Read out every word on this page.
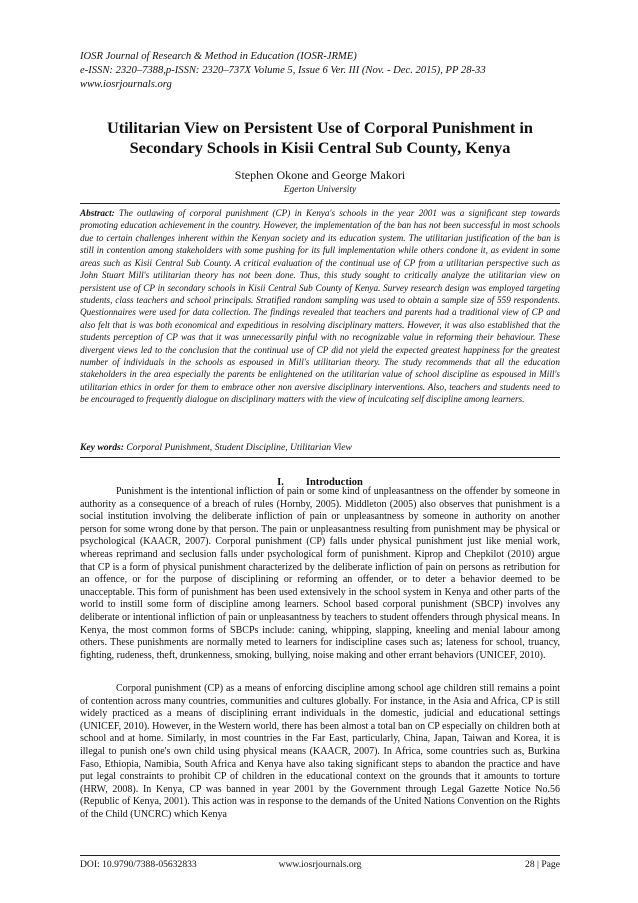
IOSR Journal of Research & Method in Education (IOSR-JRME)
e-ISSN: 2320–7388,p-ISSN: 2320–737X Volume 5, Issue 6 Ver. III (Nov. - Dec. 2015), PP 28-33
www.iosrjournals.org
Utilitarian View on Persistent Use of Corporal Punishment in Secondary Schools in Kisii Central Sub County, Kenya
Stephen Okone and George Makori
Egerton University
Abstract: The outlawing of corporal punishment (CP) in Kenya's schools in the year 2001 was a significant step towards promoting education achievement in the country. However, the implementation of the ban has not been successful in most schools due to certain challenges inherent within the Kenyan society and its education system. The utilitarian justification of the ban is still in contention among stakeholders with some pushing for its full implementation while others condone it, as evident in some areas such as Kisii Central Sub County. A critical evaluation of the continual use of CP from a utilitarian perspective such as John Stuart Mill's utilitarian theory has not been done. Thus, this study sought to critically analyze the utilitarian view on persistent use of CP in secondary schools in Kisii Central Sub County of Kenya. Survey research design was employed targeting students, class teachers and school principals. Stratified random sampling was used to obtain a sample size of 559 respondents. Questionnaires were used for data collection. The findings revealed that teachers and parents had a traditional view of CP and also felt that is was both economical and expeditious in resolving disciplinary matters. However, it was also established that the students perception of CP was that it was unnecessarily pinful with no recognizable value in reforming their behaviour. These divergent views led to the conclusion that the continual use of CP did not yield the expected greatest happiness for the greatest number of individuals in the schools as espoused in Mill's utilitarian theory. The study recommends that all the education stakeholders in the area especially the parents be enlightened on the utilitarian value of school discipline as espoused in Mill's utilitarian ethics in order for them to embrace other non aversive disciplinary interventions. Also, teachers and students need to be encouraged to frequently dialogue on disciplinary matters with the view of inculcating self discipline among learners.
Key words: Corporal Punishment, Student Discipline, Utilitarian View
I. Introduction

Punishment is the intentional infliction of pain or some kind of unpleasantness on the offender by someone in authority as a consequence of a breach of rules (Hornby, 2005). Middleton (2005) also observes that punishment is a social institution involving the deliberate infliction of pain or unpleasantness by someone in authority on another person for some wrong done by that person. The pain or unpleasantness resulting from punishment may be physical or psychological (KAACR, 2007). Corporal punishment (CP) falls under physical punishment just like menial work, whereas reprimand and seclusion falls under psychological form of punishment. Kiprop and Chepkilot (2010) argue that CP is a form of physical punishment characterized by the deliberate infliction of pain on persons as retribution for an offence, or for the purpose of disciplining or reforming an offender, or to deter a behavior deemed to be unacceptable. This form of punishment has been used extensively in the school system in Kenya and other parts of the world to instill some form of discipline among learners. School based corporal punishment (SBCP) involves any deliberate or intentional infliction of pain or unpleasantness by teachers to student offenders through physical means. In Kenya, the most common forms of SBCPs include: caning, whipping, slapping, kneeling and menial labour among others. These punishments are normally meted to learners for indiscipline cases such as; lateness for school, truancy, fighting, rudeness, theft, drunkenness, smoking, bullying, noise making and other errant behaviors (UNICEF, 2010).

Corporal punishment (CP) as a means of enforcing discipline among school age children still remains a point of contention across many countries, communities and cultures globally. For instance, in the Asia and Africa, CP is still widely practiced as a means of disciplining errant individuals in the domestic, judicial and educational settings (UNICEF, 2010). However, in the Western world, there has been almost a total ban on CP especially on children both at school and at home. Similarly, in most countries in the Far East, particularly, China, Japan, Taiwan and Korea, it is illegal to punish one's own child using physical means (KAACR, 2007). In Africa, some countries such as, Burkina Faso, Ethiopia, Namibia, South Africa and Kenya have also taking significant steps to abandon the practice and have put legal constraints to prohibit CP of children in the educational context on the grounds that it amounts to torture (HRW, 2008). In Kenya, CP was banned in year 2001 by the Government through Legal Gazette Notice No.56 (Republic of Kenya, 2001). This action was in response to the demands of the United Nations Convention on the Rights of the Child (UNCRC) which Kenya

DOI: 10.9790/7388-05632833	www.iosrjournals.org	28 | Page
